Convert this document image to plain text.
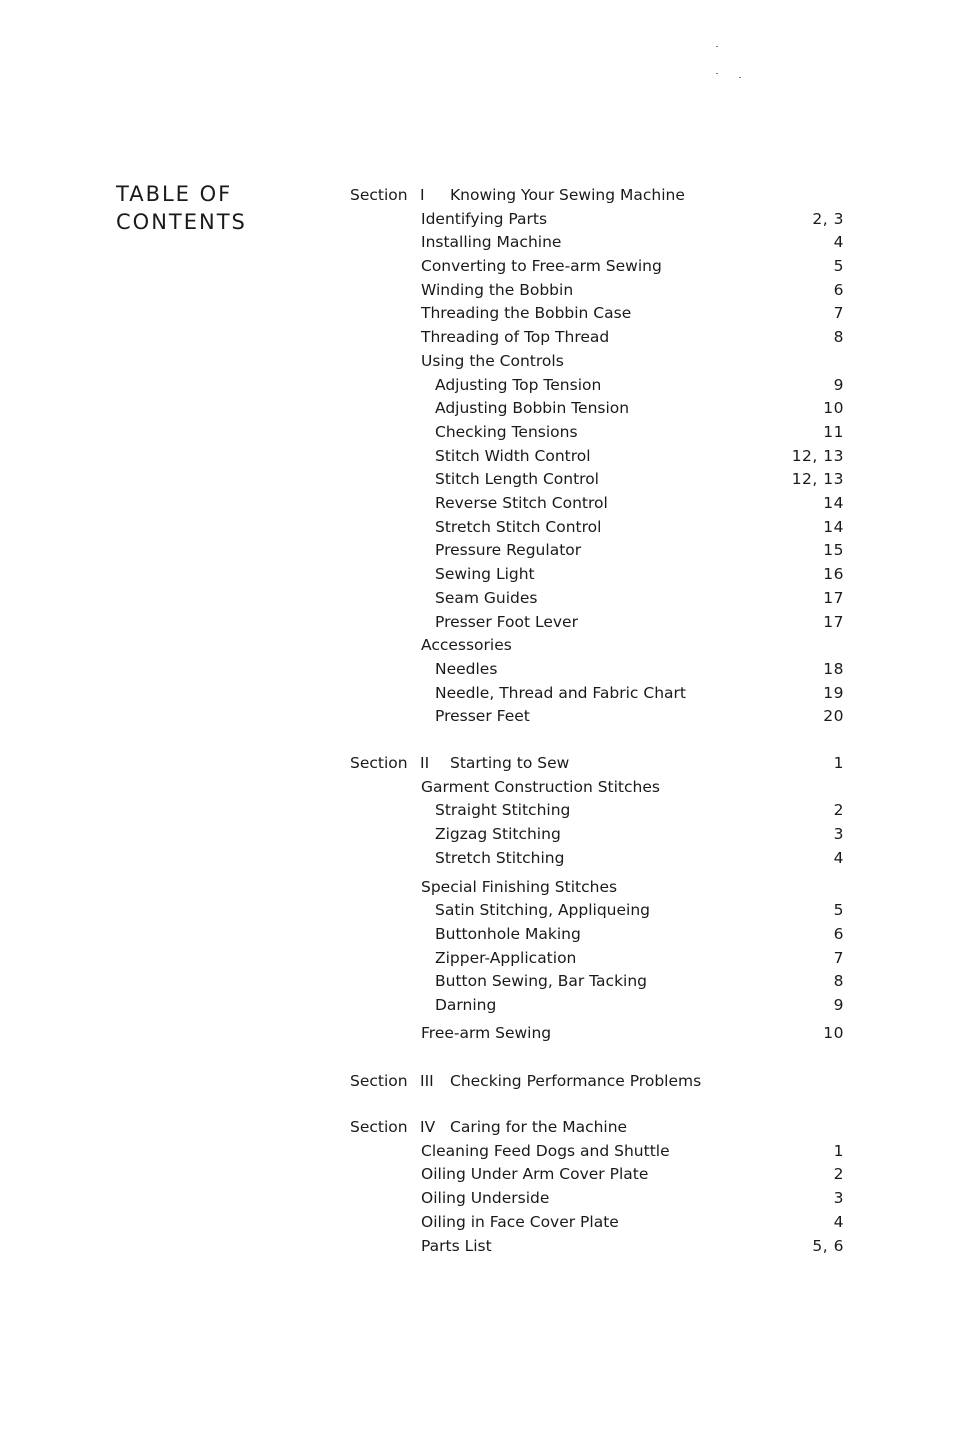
TABLE OF
CONTENTS
Section I Knowing Your Sewing Machine
Identifying Parts	2, 3
Installing Machine	4
Converting to Free-arm Sewing	5
Winding the Bobbin	6
Threading the Bobbin Case	7
Threading of Top Thread	8
Using the Controls
Adjusting Top Tension	9
Adjusting Bobbin Tension	10
Checking Tensions	11
Stitch Width Control	12, 13
Stitch Length Control	12, 13
Reverse Stitch Control	14
Stretch Stitch Control	14
Pressure Regulator	15
Sewing Light	16
Seam Guides	17
Presser Foot Lever	17
Accessories
Needles	18
Needle, Thread and Fabric Chart	19
Presser Feet	20
Section II Starting to Sew	1
Garment Construction Stitches
Straight Stitching	2
Zigzag Stitching	3
Stretch Stitching	4
Special Finishing Stitches
Satin Stitching, Appliqueing	5
Buttonhole Making	6
Zipper-Application	7
Button Sewing, Bar Tacking	8
Darning	9
Free-arm Sewing	10
Section III Checking Performance Problems
Section IV Caring for the Machine
Cleaning Feed Dogs and Shuttle	1
Oiling Under Arm Cover Plate	2
Oiling Underside	3
Oiling in Face Cover Plate	4
Parts List	5, 6
